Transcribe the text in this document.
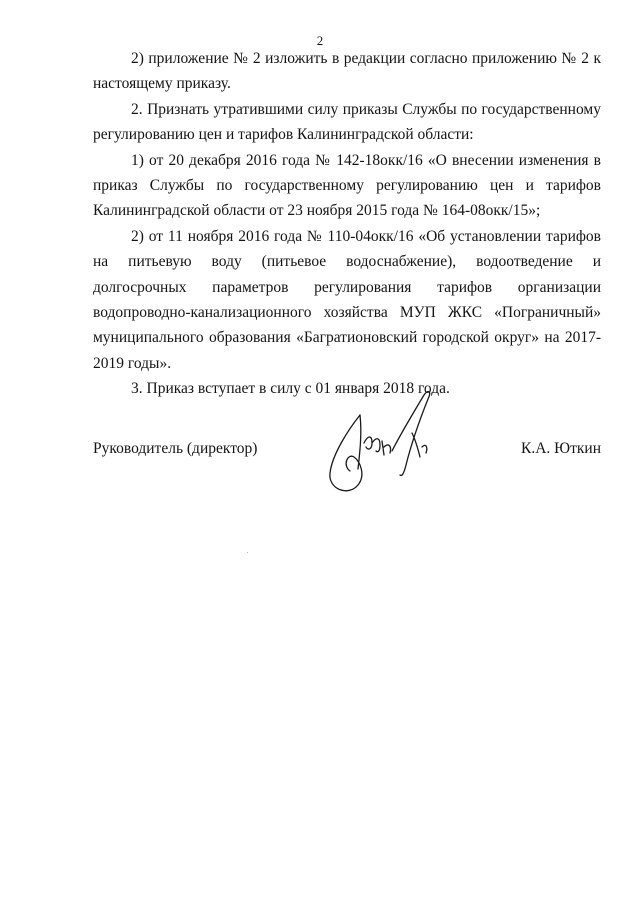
2

2) приложение № 2 изложить в редакции согласно приложению № 2 к настоящему приказу.

2. Признать утратившими силу приказы Службы по государственному регулированию цен и тарифов Калининградской области:

1) от 20 декабря 2016 года № 142-18окк/16 «О внесении изменения в приказ Службы по государственному регулированию цен и тарифов Калининградской области от 23 ноября 2015 года № 164-08окк/15»;

2) от 11 ноября 2016 года № 110-04окк/16 «Об установлении тарифов на питьевую воду (питьевое водоснабжение), водоотведение и долгосрочных параметров регулирования тарифов организации водопроводно-канализационного хозяйства МУП ЖКС «Пограничный» муниципального образования «Багратионовский городской округ» на 2017-2019 годы».

3. Приказ вступает в силу с 01 января 2018 года.

Руководитель (директор)	К.А. Юткин
